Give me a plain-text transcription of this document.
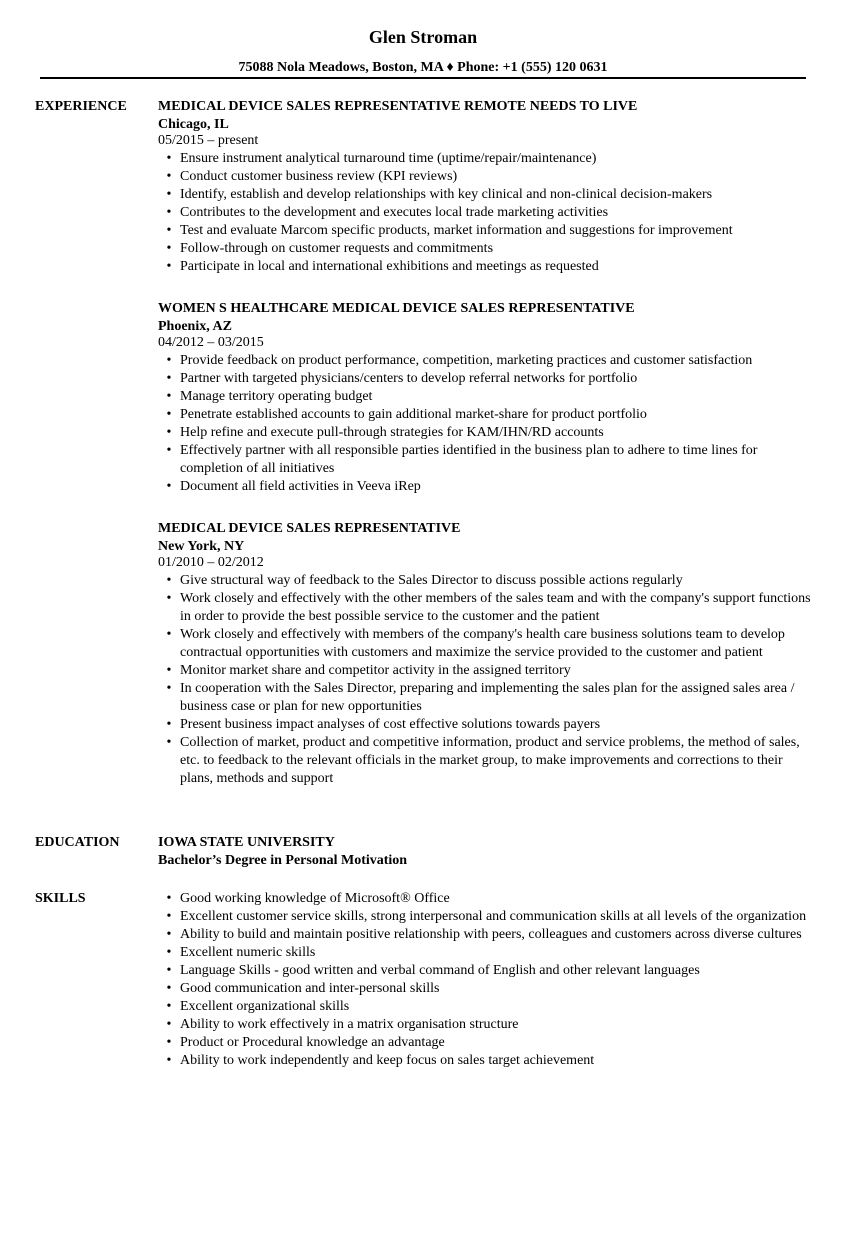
Glen Stroman
75088 Nola Meadows, Boston, MA ♦ Phone: +1 (555) 120 0631
EXPERIENCE	MEDICAL DEVICE SALES REPRESENTATIVE REMOTE NEEDS TO LIVE
Chicago, IL
05/2015 – present
• Ensure instrument analytical turnaround time (uptime/repair/maintenance)
• Conduct customer business review (KPI reviews)
• Identify, establish and develop relationships with key clinical and non-clinical decision-makers
• Contributes to the development and executes local trade marketing activities
• Test and evaluate Marcom specific products, market information and suggestions for improvement
• Follow-through on customer requests and commitments
• Participate in local and international exhibitions and meetings as requested
WOMEN S HEALTHCARE MEDICAL DEVICE SALES REPRESENTATIVE
Phoenix, AZ
04/2012 – 03/2015
• Provide feedback on product performance, competition, marketing practices and customer satisfaction
• Partner with targeted physicians/centers to develop referral networks for portfolio
• Manage territory operating budget
• Penetrate established accounts to gain additional market-share for product portfolio
• Help refine and execute pull-through strategies for KAM/IHN/RD accounts
• Effectively partner with all responsible parties identified in the business plan to adhere to time lines for completion of all initiatives
• Document all field activities in Veeva iRep
MEDICAL DEVICE SALES REPRESENTATIVE
New York, NY
01/2010 – 02/2012
• Give structural way of feedback to the Sales Director to discuss possible actions regularly
• Work closely and effectively with the other members of the sales team and with the company's support functions in order to provide the best possible service to the customer and the patient
• Work closely and effectively with members of the company's health care business solutions team to develop contractual opportunities with customers and maximize the service provided to the customer and patient
• Monitor market share and competitor activity in the assigned territory
• In cooperation with the Sales Director, preparing and implementing the sales plan for the assigned sales area / business case or plan for new opportunities
• Present business impact analyses of cost effective solutions towards payers
• Collection of market, product and competitive information, product and service problems, the method of sales, etc. to feedback to the relevant officials in the market group, to make improvements and corrections to their plans, methods and support
EDUCATION	IOWA STATE UNIVERSITY
Bachelor’s Degree in Personal Motivation
SKILLS	• Good working knowledge of Microsoft® Office
• Excellent customer service skills, strong interpersonal and communication skills at all levels of the organization
• Ability to build and maintain positive relationship with peers, colleagues and customers across diverse cultures
• Excellent numeric skills
• Language Skills - good written and verbal command of English and other relevant languages
• Good communication and inter-personal skills
• Excellent organizational skills
• Ability to work effectively in a matrix organisation structure
• Product or Procedural knowledge an advantage
• Ability to work independently and keep focus on sales target achievement
